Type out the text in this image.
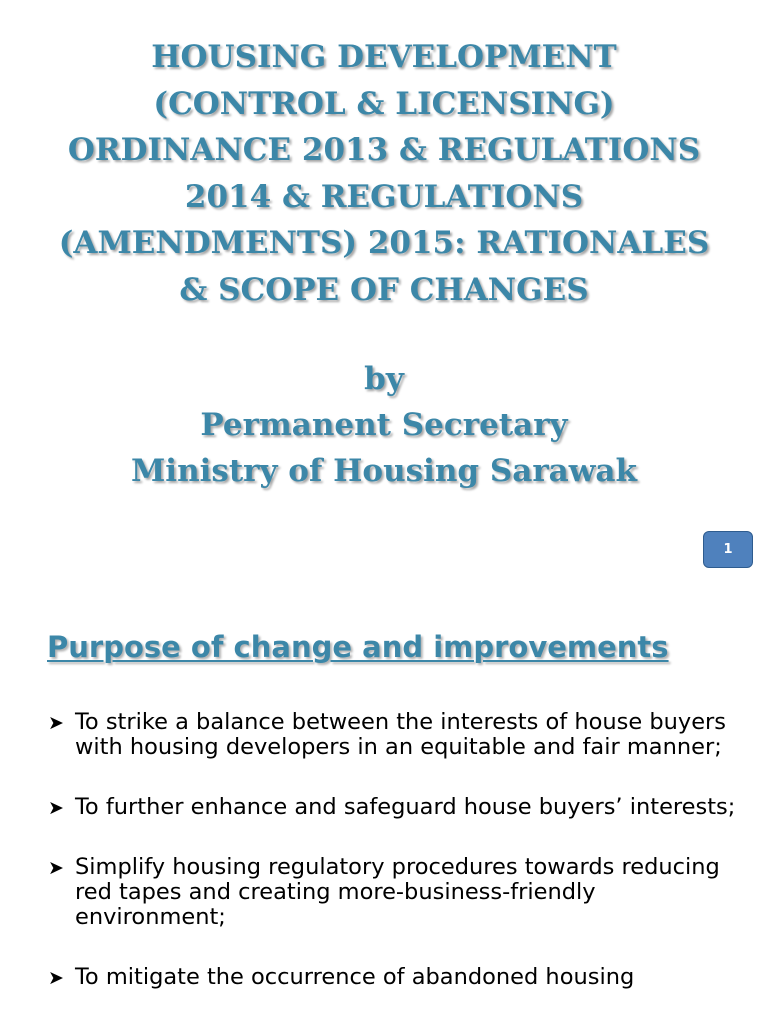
HOUSING DEVELOPMENT
(CONTROL & LICENSING)
ORDINANCE 2013 & REGULATIONS
2014 & REGULATIONS
(AMENDMENTS) 2015: RATIONALES
& SCOPE OF CHANGES
by
Permanent Secretary
Ministry of Housing Sarawak
1
Purpose of change and improvements
➤ To strike a balance between the interests of house buyers with housing developers in an equitable and fair manner;
➤ To further enhance and safeguard house buyers’ interests;
➤ Simplify housing regulatory procedures towards reducing red tapes and creating more-business-friendly environment;
➤ To mitigate the occurrence of abandoned housing
